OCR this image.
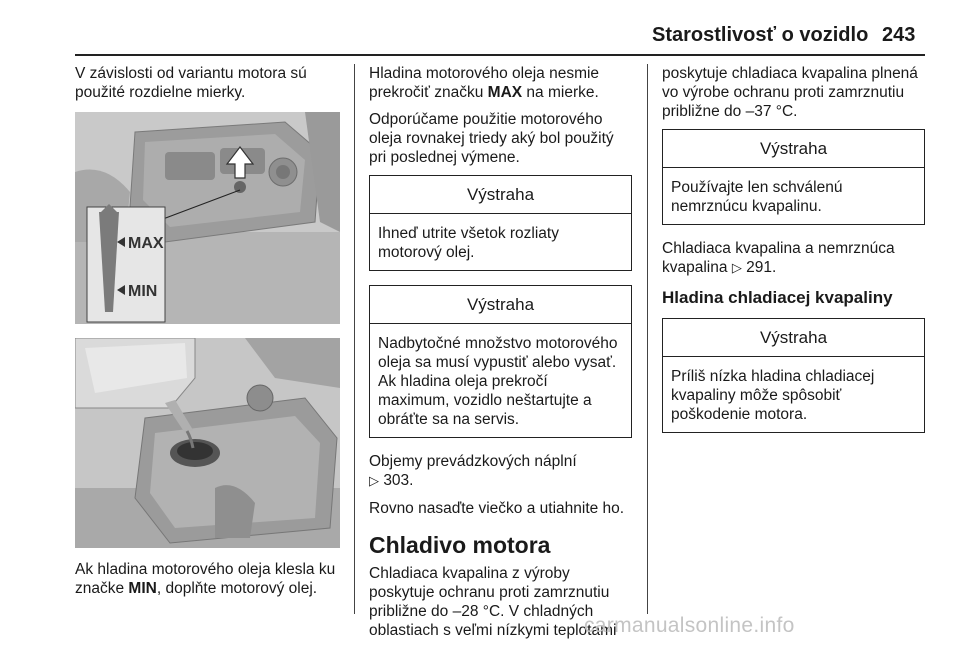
Starostlivosť o vozidlo 243

V závislosti od variantu motora sú použité rozdielne mierky.

MAX
MIN

Ak hladina motorového oleja klesla ku značke MIN, doplňte motorový olej.

Hladina motorového oleja nesmie prekročiť značku MAX na mierke.

Odporúčame použitie motorového oleja rovnakej triedy aký bol použitý pri poslednej výmene.

Výstraha
Ihneď utrite všetok rozliaty motorový olej.
Výstraha
Nadbytočné množstvo motorového oleja sa musí vypustiť alebo vysať. Ak hladina oleja prekročí maximum, vozidlo neštartujte a obráťte sa na servis.

Objemy prevádzkových náplní
▷ 303.

Rovno nasaďte viečko a utiahnite ho.

Chladivo motora

Chladiaca kvapalina z výroby poskytuje ochranu proti zamrznutiu približne do –28 °C. V chladných oblastiach s veľmi nízkymi teplotami

poskytuje chladiaca kvapalina plnená vo výrobe ochranu proti zamrznutiu približne do –37 °C.

Výstraha
Používajte len schválenú nemrznúcu kvapalinu.

Chladiaca kvapalina a nemrznúca kvapalina ▷ 291.

Hladina chladiacej kvapaliny
Výstraha
Príliš nízka hladina chladiacej kvapaliny môže spôsobiť poškodenie motora.
carmanualsonline.info
